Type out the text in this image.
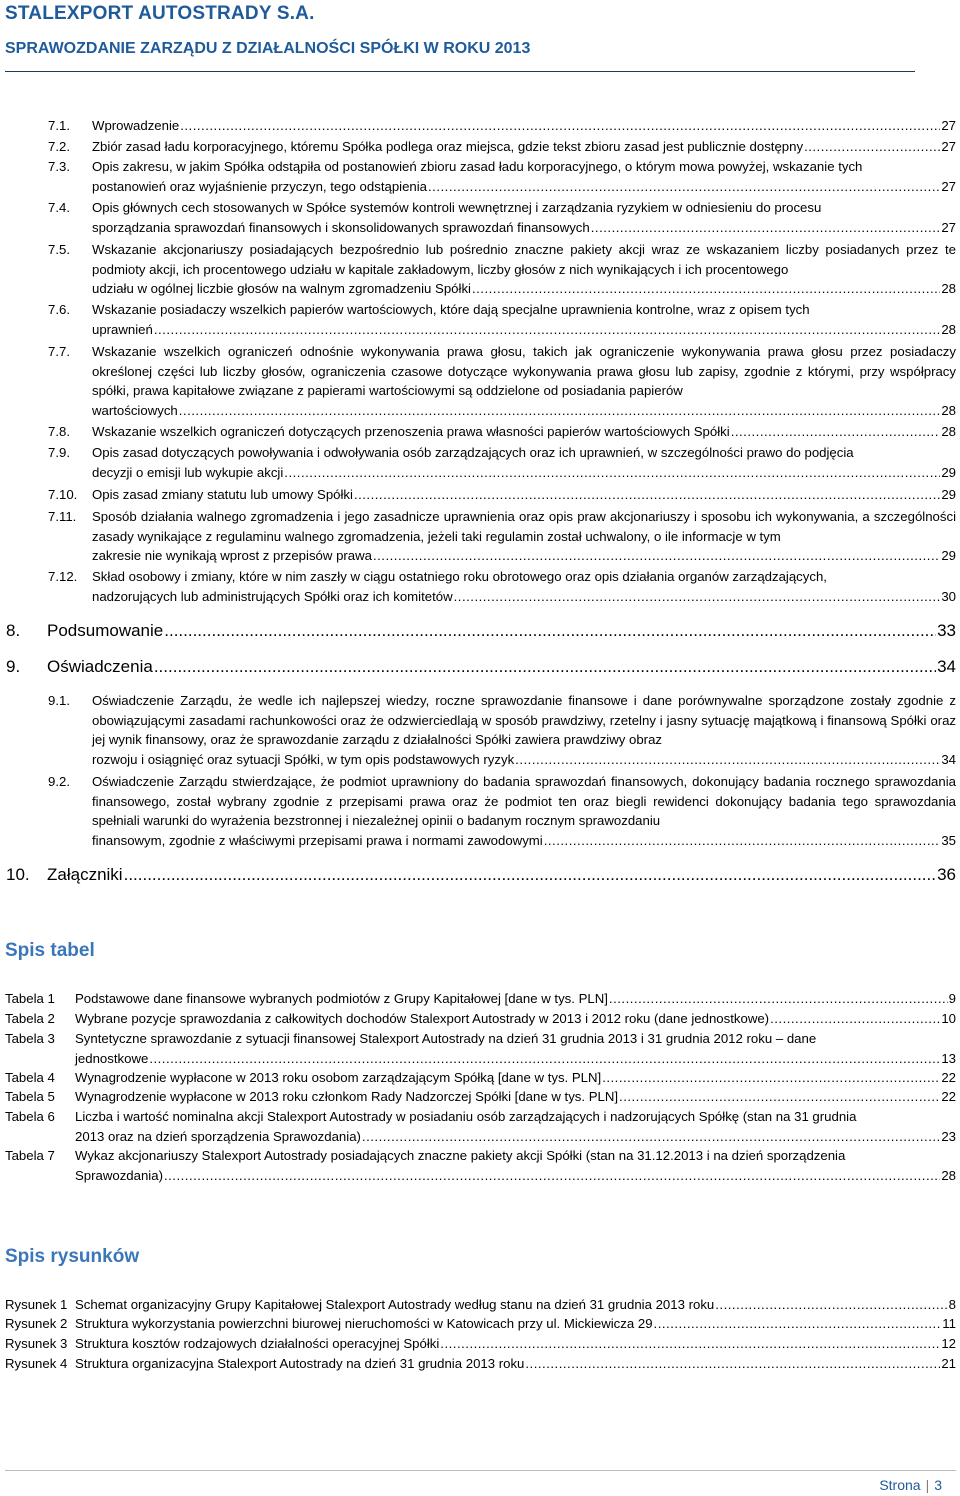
STALEXPORT AUTOSTRADY S.A.
SPRAWOZDANIE ZARZĄDU Z DZIAŁALNOŚCI SPÓŁKI W ROKU 2013
7.1. Wprowadzenie .....	27
7.2. Zbiór zasad ładu korporacyjnego, któremu Spółka podlega oraz miejsca, gdzie tekst zbioru zasad jest publicznie dostępny .....	27
7.3. Opis zakresu, w jakim Spółka odstąpiła od postanowień zbioru zasad ładu korporacyjnego, o którym mowa powyżej, wskazanie tych
postanowień oraz wyjaśnienie przyczyn, tego odstąpienia .....	27
7.4. Opis głównych cech stosowanych w Spółce systemów kontroli wewnętrznej i zarządzania ryzykiem w odniesieniu do procesu
sporządzania sprawozdań finansowych i skonsolidowanych sprawozdań finansowych .....	27
7.5. Wskazanie akcjonariuszy posiadających bezpośrednio lub pośrednio znaczne pakiety akcji wraz ze wskazaniem liczby posiadanych przez te podmioty akcji, ich procentowego udziału w kapitale zakładowym, liczby głosów z nich wynikających i ich procentowego
udziału w ogólnej liczbie głosów na walnym zgromadzeniu Spółki .....	28
7.6. Wskazanie posiadaczy wszelkich papierów wartościowych, które dają specjalne uprawnienia kontrolne, wraz z opisem tych
uprawnień .....	28
7.7. Wskazanie wszelkich ograniczeń odnośnie wykonywania prawa głosu, takich jak ograniczenie wykonywania prawa głosu przez posiadaczy określonej części lub liczby głosów, ograniczenia czasowe dotyczące wykonywania prawa głosu lub zapisy, zgodnie z którymi, przy współpracy spółki, prawa kapitałowe związane z papierami wartościowymi są oddzielone od posiadania papierów
wartościowych .....	28
7.8. Wskazanie wszelkich ograniczeń dotyczących przenoszenia prawa własności papierów wartościowych Spółki .....	28
7.9. Opis zasad dotyczących powoływania i odwoływania osób zarządzających oraz ich uprawnień, w szczególności prawo do podjęcia
decyzji o emisji lub wykupie akcji .....	29
7.10. Opis zasad zmiany statutu lub umowy Spółki .....	29
7.11. Sposób działania walnego zgromadzenia i jego zasadnicze uprawnienia oraz opis praw akcjonariuszy i sposobu ich wykonywania, a szczególności zasady wynikające z regulaminu walnego zgromadzenia, jeżeli taki regulamin został uchwalony, o ile informacje w tym
zakresie nie wynikają wprost z przepisów prawa .....	29
7.12. Skład osobowy i zmiany, które w nim zaszły w ciągu ostatniego roku obrotowego oraz opis działania organów zarządzających,
nadzorujących lub administrujących Spółki oraz ich komitetów .....	30
8. Podsumowanie .....	33
9. Oświadczenia .....	34
9.1. Oświadczenie Zarządu, że wedle ich najlepszej wiedzy, roczne sprawozdanie finansowe i dane porównywalne sporządzone zostały zgodnie z obowiązującymi zasadami rachunkowości oraz że odzwierciedlają w sposób prawdziwy, rzetelny i jasny sytuację majątkową i finansową Spółki oraz jej wynik finansowy, oraz że sprawozdanie zarządu z działalności Spółki zawiera prawdziwy obraz
rozwoju i osiągnięć oraz sytuacji Spółki, w tym opis podstawowych ryzyk .....	34
9.2. Oświadczenie Zarządu stwierdzające, że podmiot uprawniony do badania sprawozdań finansowych, dokonujący badania rocznego sprawozdania finansowego, został wybrany zgodnie z przepisami prawa oraz że podmiot ten oraz biegli rewidenci dokonujący badania tego sprawozdania spełniali warunki do wyrażenia bezstronnej i niezależnej opinii o badanym rocznym sprawozdaniu
finansowym, zgodnie z właściwymi przepisami prawa i normami zawodowymi .....	35
10. Załączniki .....	36
Spis tabel
Tabela 1 Podstawowe dane finansowe wybranych podmiotów z Grupy Kapitałowej [dane w tys. PLN] .....	9
Tabela 2 Wybrane pozycje sprawozdania z całkowitych dochodów Stalexport Autostrady w 2013 i 2012 roku (dane jednostkowe) .....	10
Tabela 3 Syntetyczne sprawozdanie z sytuacji finansowej Stalexport Autostrady na dzień 31 grudnia 2013 i 31 grudnia 2012 roku – dane
jednostkowe .....	13
Tabela 4 Wynagrodzenie wypłacone w 2013 roku osobom zarządzającym Spółką [dane w tys. PLN] .....	22
Tabela 5 Wynagrodzenie wypłacone w 2013 roku członkom Rady Nadzorczej Spółki [dane w tys. PLN] .....	22
Tabela 6 Liczba i wartość nominalna akcji Stalexport Autostrady w posiadaniu osób zarządzających i nadzorujących Spółkę (stan na 31 grudnia
2013 oraz na dzień sporządzenia Sprawozdania) .....	23
Tabela 7 Wykaz akcjonariuszy Stalexport Autostrady posiadających znaczne pakiety akcji Spółki (stan na 31.12.2013 i na dzień sporządzenia
Sprawozdania) .....	28
Spis rysunków
Rysunek 1 Schemat organizacyjny Grupy Kapitałowej Stalexport Autostrady według stanu na dzień 31 grudnia 2013 roku .....	8
Rysunek 2 Struktura wykorzystania powierzchni biurowej nieruchomości w Katowicach przy ul. Mickiewicza 29 .....	11
Rysunek 3 Struktura kosztów rodzajowych działalności operacyjnej Spółki .....	12
Rysunek 4 Struktura organizacyjna Stalexport Autostrady na dzień 31 grudnia 2013 roku .....	21
Strona | 3
